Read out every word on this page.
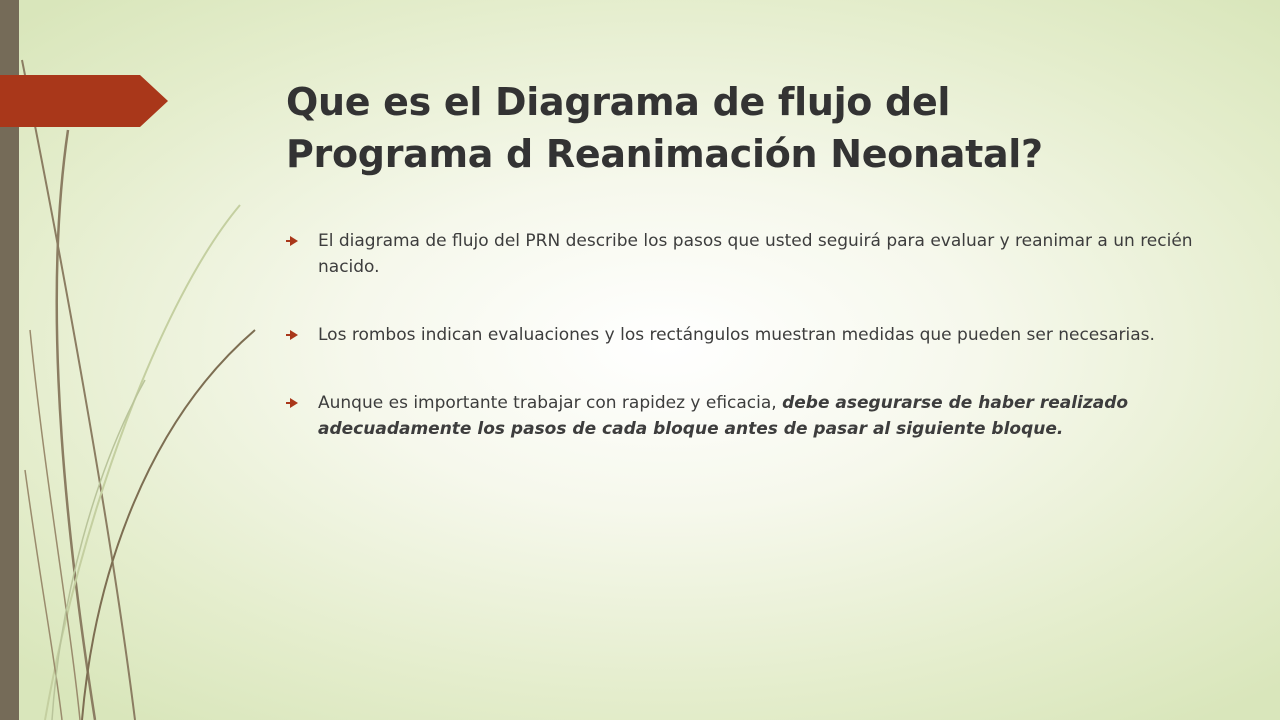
Que es el Diagrama de flujo del
Programa d Reanimación Neonatal?
El diagrama de flujo del PRN describe los pasos que usted seguirá para evaluar y reanimar a un recién nacido.
Los rombos indican evaluaciones y los rectángulos muestran medidas que pueden ser necesarias.
Aunque es importante trabajar con rapidez y eficacia, debe asegurarse de haber realizado adecuadamente los pasos de cada bloque antes de pasar al siguiente bloque.
